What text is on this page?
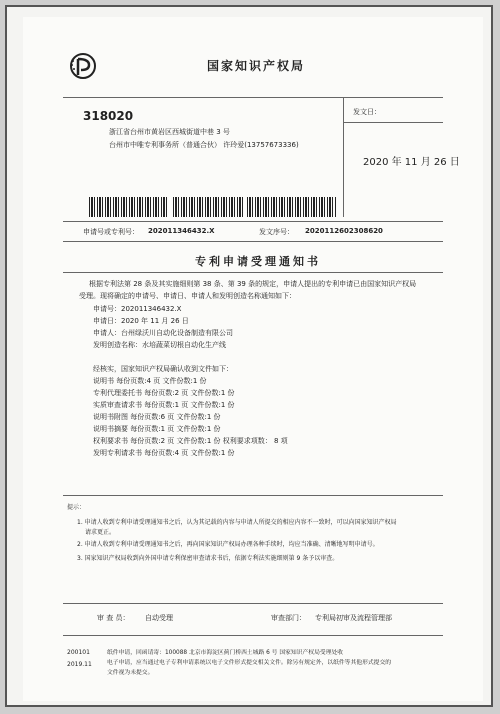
国家知识产权局
318020
浙江省台州市黄岩区西城街道中巷 3 号
台州市中唯专利事务所（普通合伙） 许玲爱(13757673336)
发文日：
2020 年 11 月 26 日
申请号或专利号： 202011346432.X	发文序号： 2020112602308620
专利申请受理通知书
根据专利法第 28 条及其实施细则第 38 条、第 39 条的规定，申请人提出的专利申请已由国家知识产权局
受理。现将确定的申请号、申请日、申请人和发明创造名称通知如下：
申请号：202011346432.X
申请日：2020 年 11 月 26 日
申请人：台州绿沃川自动化设备制造有限公司
发明创造名称：水培蔬菜切根自动化生产线
经核实，国家知识产权局确认收到文件如下：
说明书 每份页数:4 页 文件份数:1 份
专利代理委托书 每份页数:2 页 文件份数:1 份
实质审查请求书 每份页数:1 页 文件份数:1 份
说明书附图 每份页数:6 页 文件份数:1 份
说明书摘要 每份页数:1 页 文件份数:1 份
权利要求书 每份页数:2 页 文件份数:1 份 权利要求项数： 8 项
发明专利请求书 每份页数:4 页 文件份数:1 份
提示：
1. 申请人收到专利申请受理通知书之后，认为其记载的内容与申请人所提交的相应内容不一致时，可以向国家知识产权局
请求更正。
2. 申请人收到专利申请受理通知书之后，再向国家知识产权局办理各种手续时，均应当准确、清晰地写明申请号。
3. 国家知识产权局收到向外国申请专利保密审查请求书后，依据专利法实施细则第 9 条予以审查。
审 查 员： 自动受理	审查部门： 专利局初审及流程管理部
200101
2019.11
纸件申请，回函请寄：100088 北京市海淀区蓟门桥西土城路 6 号 国家知识产权局受理处收
电子申请，应当通过电子专利申请系统以电子文件形式提交相关文件。除另有规定外，以纸件等其他形式提交的
文件视为未提交。
